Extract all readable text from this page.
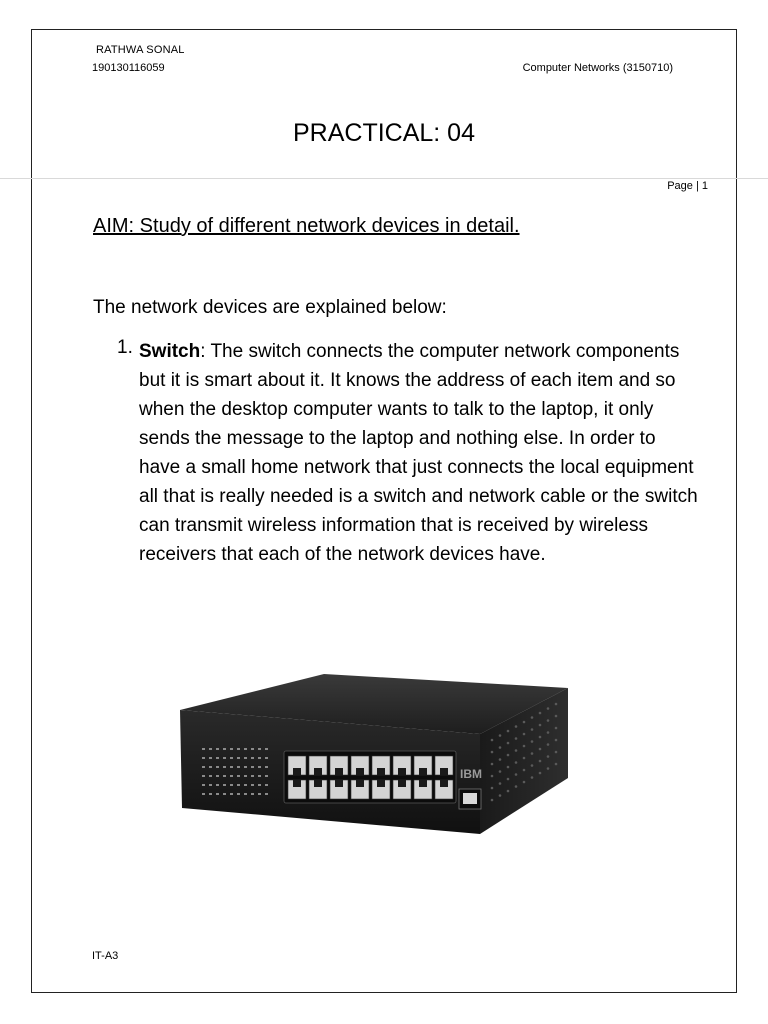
RATHWA SONAL
190130116059	Computer Networks (3150710)
PRACTICAL: 04
Page | 1
AIM: Study of different network devices in detail.
The network devices are explained below:
1. Switch: The switch connects the computer network components but it is smart about it. It knows the address of each item and so when the desktop computer wants to talk to the laptop, it only sends the message to the laptop and nothing else. In order to have a small home network that just connects the local equipment all that is really needed is a switch and network cable or the switch can transmit wireless information that is received by wireless receivers that each of the network devices have.
IBM
IT-A3
